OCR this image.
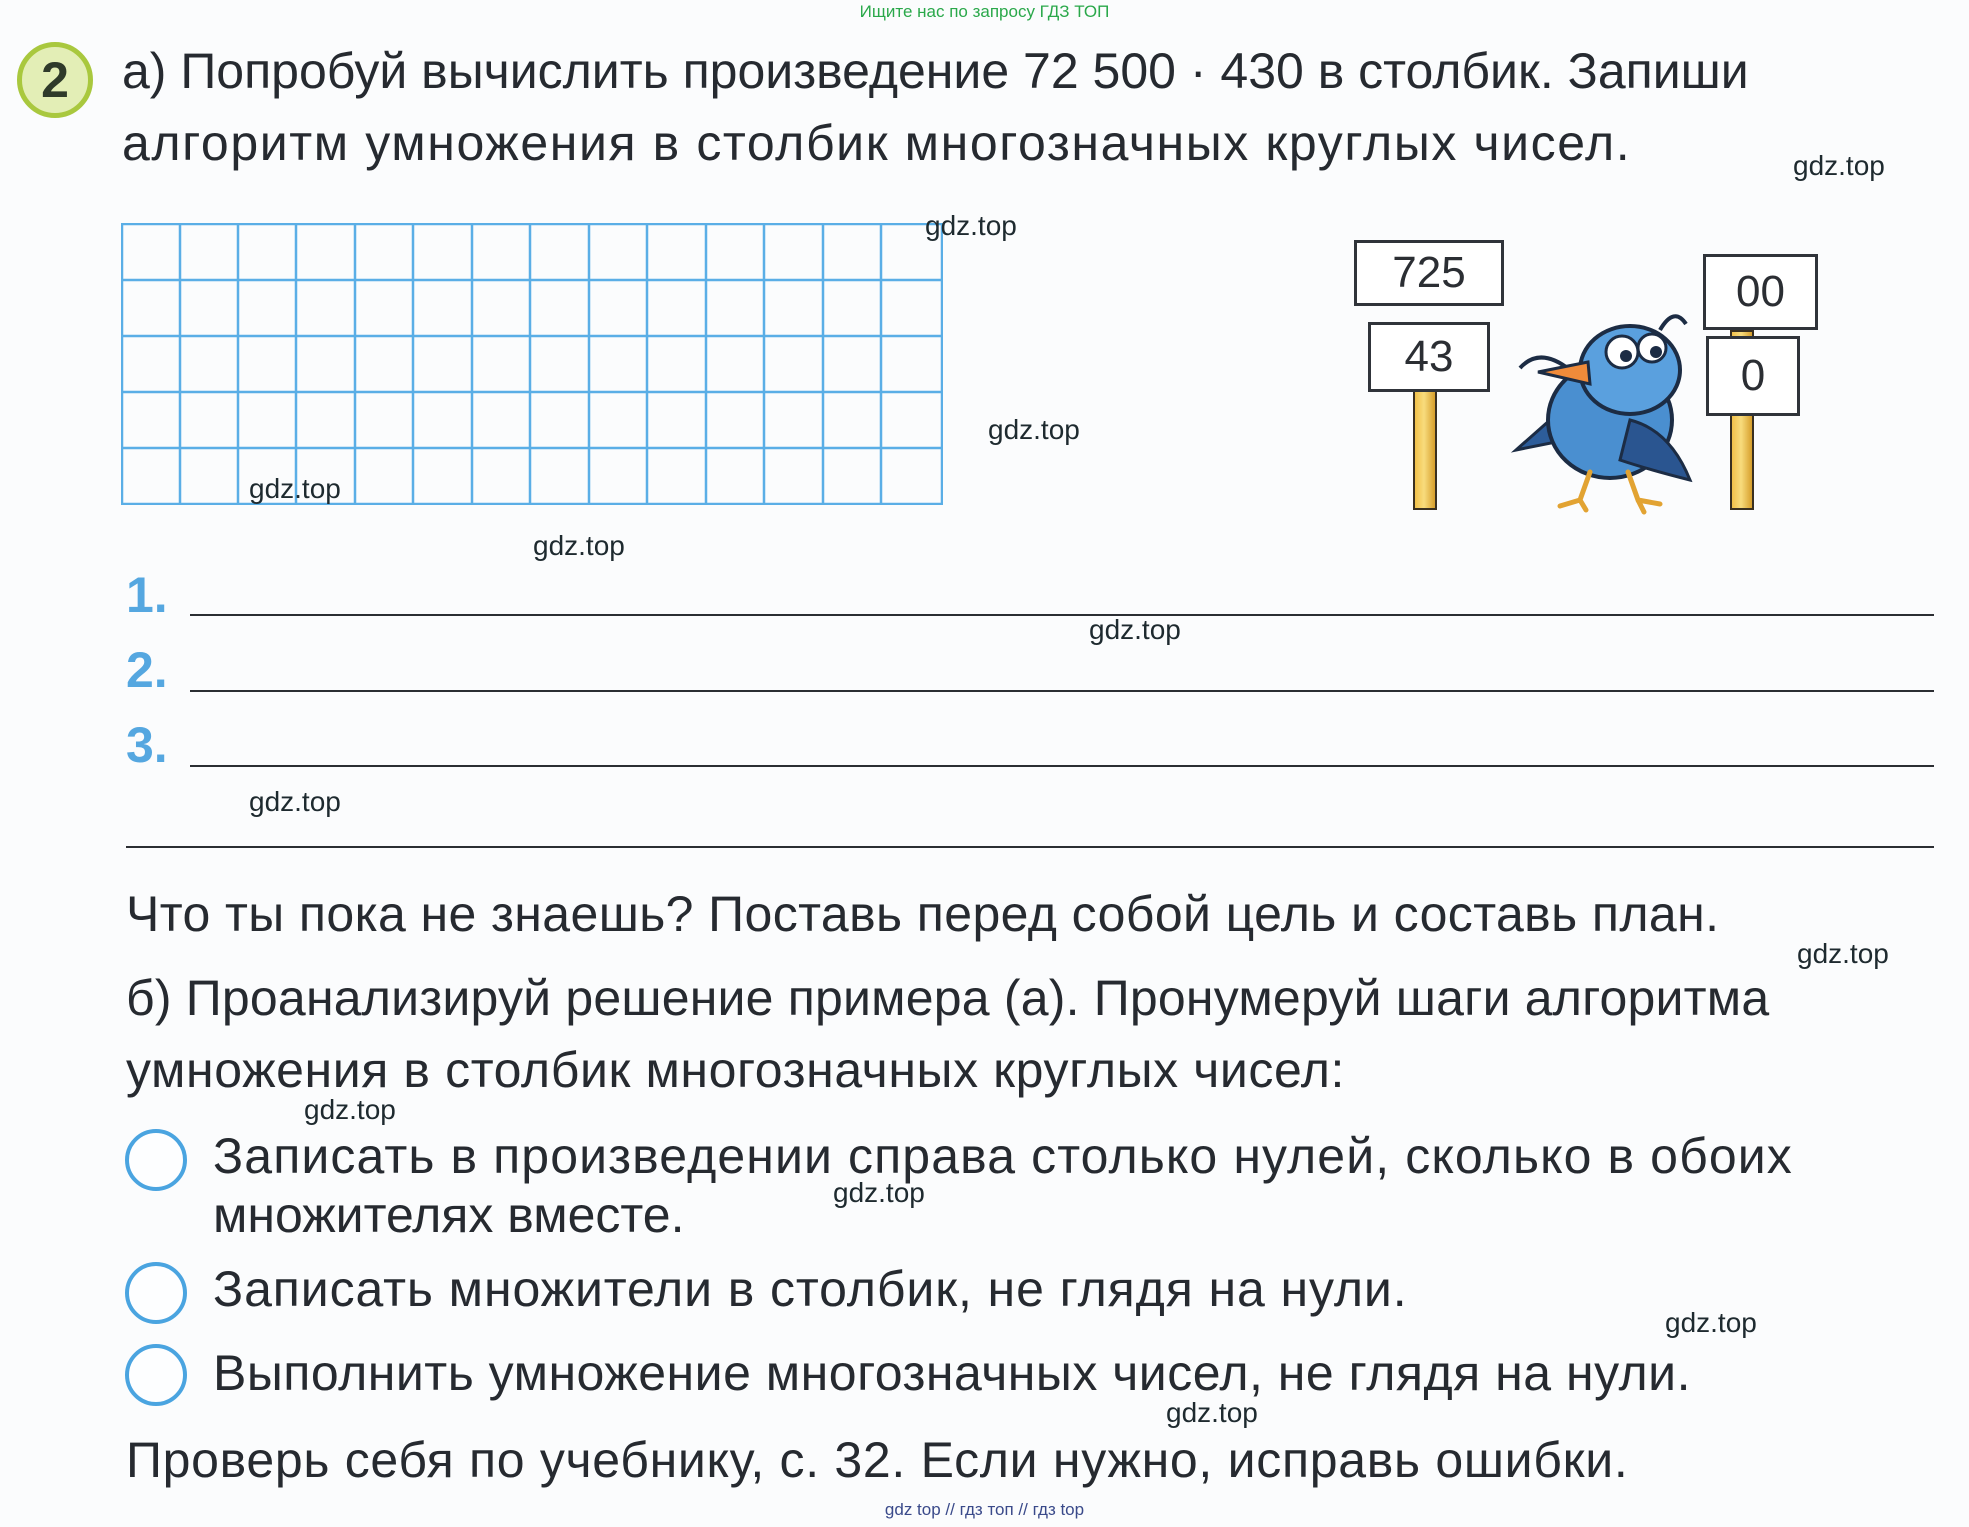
Ищите нас по запросу ГДЗ ТОП
2	а) Попробуй вычислить произведение 72 500 · 430 в столбик. Запиши
алгоритм умножения в столбик многозначных круглых чисел.
725
43
00
0
1.
2.
3.
Что ты пока не знаешь? Поставь перед собой цель и составь план.
б) Проанализируй решение примера (а). Пронумеруй шаги алгоритма
умножения в столбик многозначных круглых чисел:
Записать в произведении справа столько нулей, сколько в обоих
множителях вместе.
Записать множители в столбик, не глядя на нули.
Выполнить умножение многозначных чисел, не глядя на нули.
Проверь себя по учебнику, с. 32. Если нужно, исправь ошибки.
gdz.top
gdz.top
gdz.top
gdz.top
gdz.top
gdz.top
gdz.top
gdz.top
gdz.top
gdz.top
gdz.top
gdz.top
gdz top // гдз топ // гдз top
